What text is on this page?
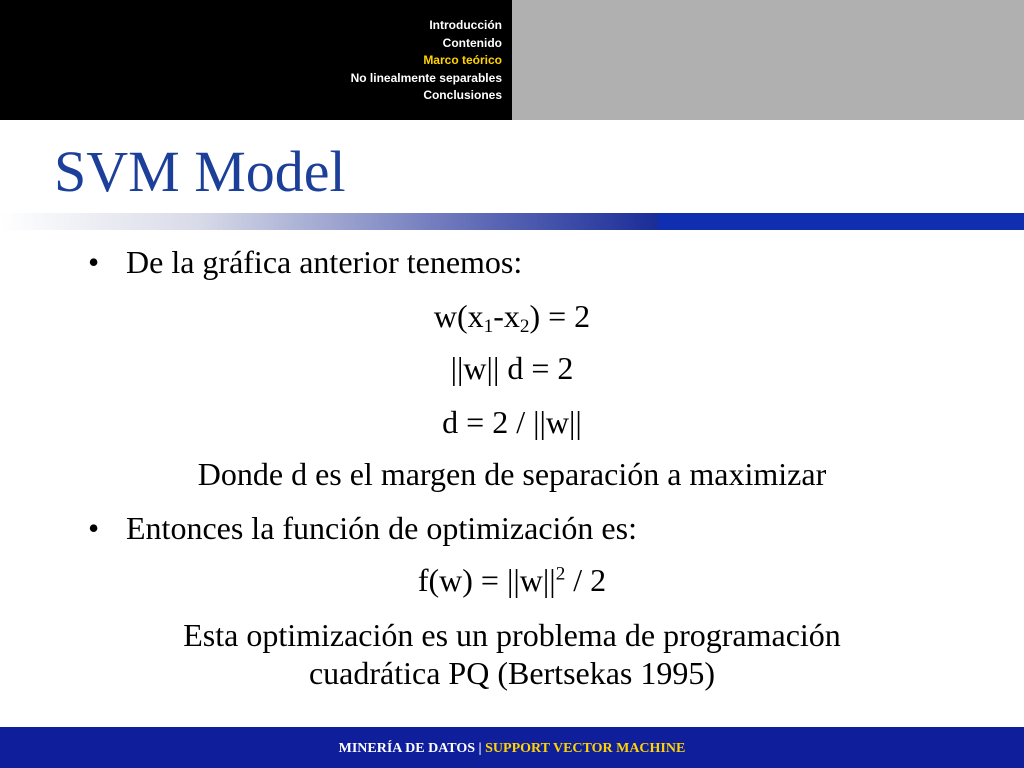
Introducción
Contenido
Marco teórico
No linealmente separables
Conclusiones
SVM Model
• De la gráfica anterior tenemos:
$w(x_1-x_2) = 2$
||w|| d = 2
d = 2 / ||w||
Donde d es el margen de separación a maximizar
• Entonces la función de optimización es:
$f(w) = ||w||^2 / 2$
Esta optimización es un problema de programación
cuadrática PQ (Bertsekas 1995)
MINERÍA DE DATOS | SUPPORT VECTOR MACHINE
